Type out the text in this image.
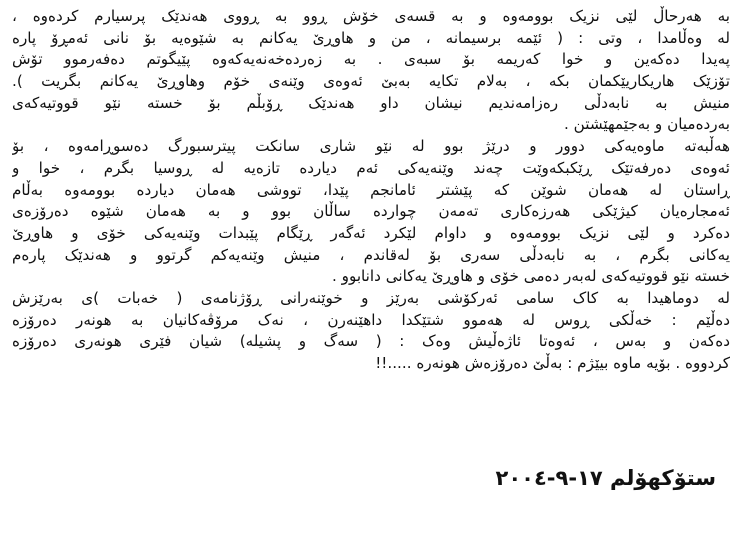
به هەرحاڵ لێی نزیک بوومەوە و بە قسەی خۆش ڕوو بە ڕووی هەندێک پرسیارم کردەوە ،
لە وەڵامدا ، وتی : ( ئێمە برسیمانە ، من و هاوڕێ یەکانم بە شێوەیە بۆ نانی ئەمڕۆ پارە
پەیدا دەکەین و خوا کەریمە بۆ سبەی . بە زەردەخەنەیەکەوە پێیگوتم دەفەرموو تۆش
تۆزێک هاریکاریێکمان بکە ، بەلام تکایە بەبێ ئەوەی وێنەی خۆم وهاوڕێ یەکانم بگریت ).
منیش بە نابەدڵی رەزامەندیم نیشان داو هەندێک ڕۆبڵم بۆ خستە نێو قووتیەکەی
بەردەمیان و بەجێمهێشتن .
هەڵبەتە ماوەیەکی دوور و درێژ بوو لە نێو شاری سانکت پیترسبورگ دەسوڕامەوە ، بۆ
ئەوەی دەرفەتێک ڕێکبکەوێت چەند وێنەیەکی ئەم دیاردە تازەیە لە ڕوسیا بگرم ، خوا و
ڕاستان لە هەمان شوێن کە پێشتر ئامانجم پێدا، تووشی هەمان دیاردە بوومەوە بەڵام
ئەمجارەیان کیژێکی هەرزەکاری تەمەن چواردە ساڵان بوو و بە هەمان شێوە دەرۆزەی
دەکرد و لێی نزیک بوومەوە و داوام لێکرد ئەگەر ڕێگام پێبدات وێنەیەکی خۆی و هاوڕێ
یەکانی بگرم ، بە نابەدڵی سەری بۆ لەقاندم ، منیش وێنەیەکم گرتوو و هەندێک پارەم
خستە نێو قووتیەکەی لەبەر دەمی خۆی و هاوڕێ یەکانی دانابوو .
لە دوماهیدا بە کاک سامی ئەرکۆشی بەرێز و خوێنەرانی ڕۆژنامەی ( خەبات )ی بەرێزش
دەڵێم : خەڵکی ڕوس لە هەموو شتێکدا داهێنەرن ، نەک مرۆڤەکانیان بە هونەر دەرۆزە
دەکەن و بەس ، ئەوەتا ئاژەڵیش وەک : ( سەگ و پشیلە) شیان فێری هونەری دەرۆزە
کردووە . بۆیە ماوە بیێژم : بەڵێ دەرۆزەش هونەرە .....!!
ستۆکهۆلم ١٧-٩-٢٠٠٤
